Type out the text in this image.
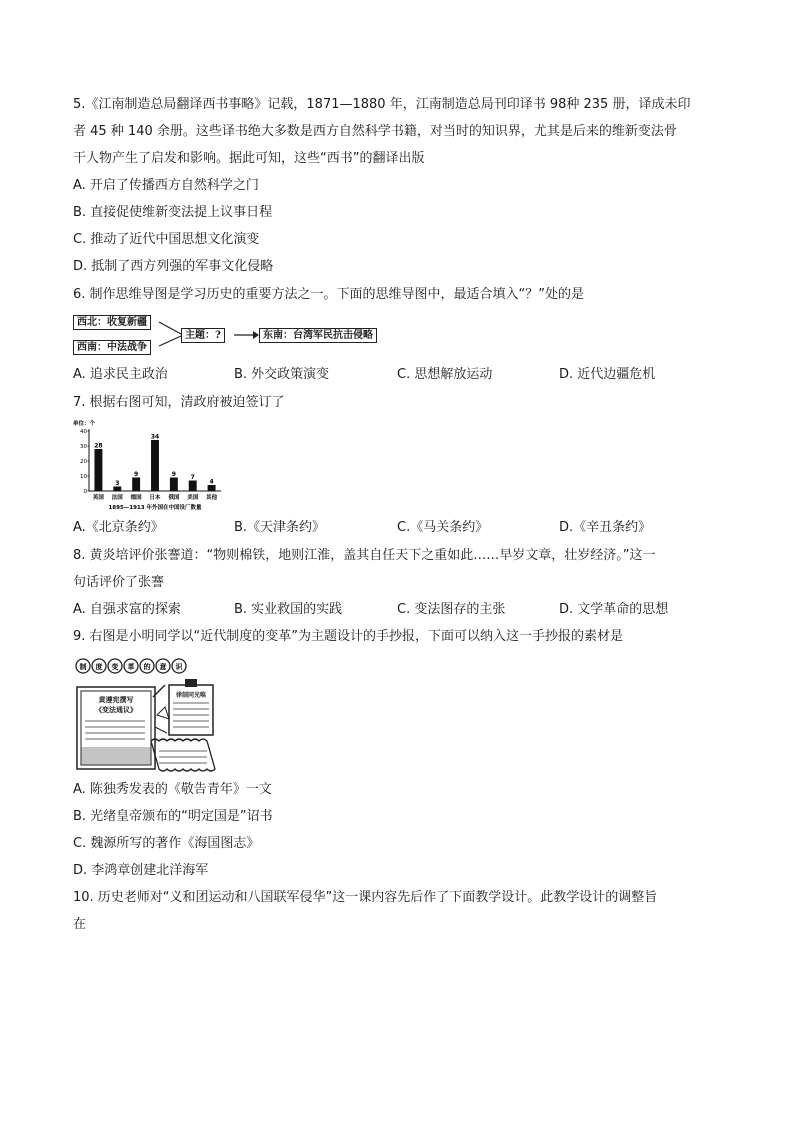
5.《江南制造总局翻译西书事略》记载，1871—1880 年，江南制造总局刊印译书 98种 235 册，译成未印
者 45 种 140 余册。这些译书绝大多数是西方自然科学书籍，对当时的知识界，尤其是后来的维新变法骨
干人物产生了启发和影响。据此可知，这些“西书”的翻译出版
A. 开启了传播西方自然科学之门
B. 直接促使维新变法提上议事日程
C. 推动了近代中国思想文化演变
D. 抵制了西方列强的军事文化侵略
6. 制作思维导图是学习历史的重要方法之一。下面的思维导图中，最适合填入“？”处的是
西北：收复新疆
西南：中法战争
主题：?	东南：台湾军民抗击侵略
A. 追求民主政治	B. 外交政策演变	C. 思想解放运动	D. 近代边疆危机
7. 根据右图可知，清政府被迫签订了
单位：个
40
30
20
10
0
28
英国
3
法国
9
德国
34
日本
9
俄国
7
美国
4
其他
1895—1913 年外国在中国设厂数量
A.《北京条约》	B.《天津条约》	C.《马关条约》	D.《辛丑条约》
8. 黄炎培评价张謇道：“物则棉铁，地则江淮，盖其自任天下之重如此……早岁文章，壮岁经济。”这一
句话评价了张謇
A. 自强求富的探索	B. 实业救国的实践	C. 变法图存的主张	D. 文学革命的思想
9. 右图是小明同学以“近代制度的变革”为主题设计的手抄报，下面可以纳入这一手抄报的素材是
制 度 变 革 的 意 识
黄遵宪撰写
《变法通议》
律制同光唯
A. 陈独秀发表的《敬告青年》一文
B. 光绪皇帝颁布的“明定国是”诏书
C. 魏源所写的著作《海国图志》
D. 李鸿章创建北洋海军
10. 历史老师对“义和团运动和八国联军侵华”这一课内容先后作了下面教学设计。此教学设计的调整旨
在
